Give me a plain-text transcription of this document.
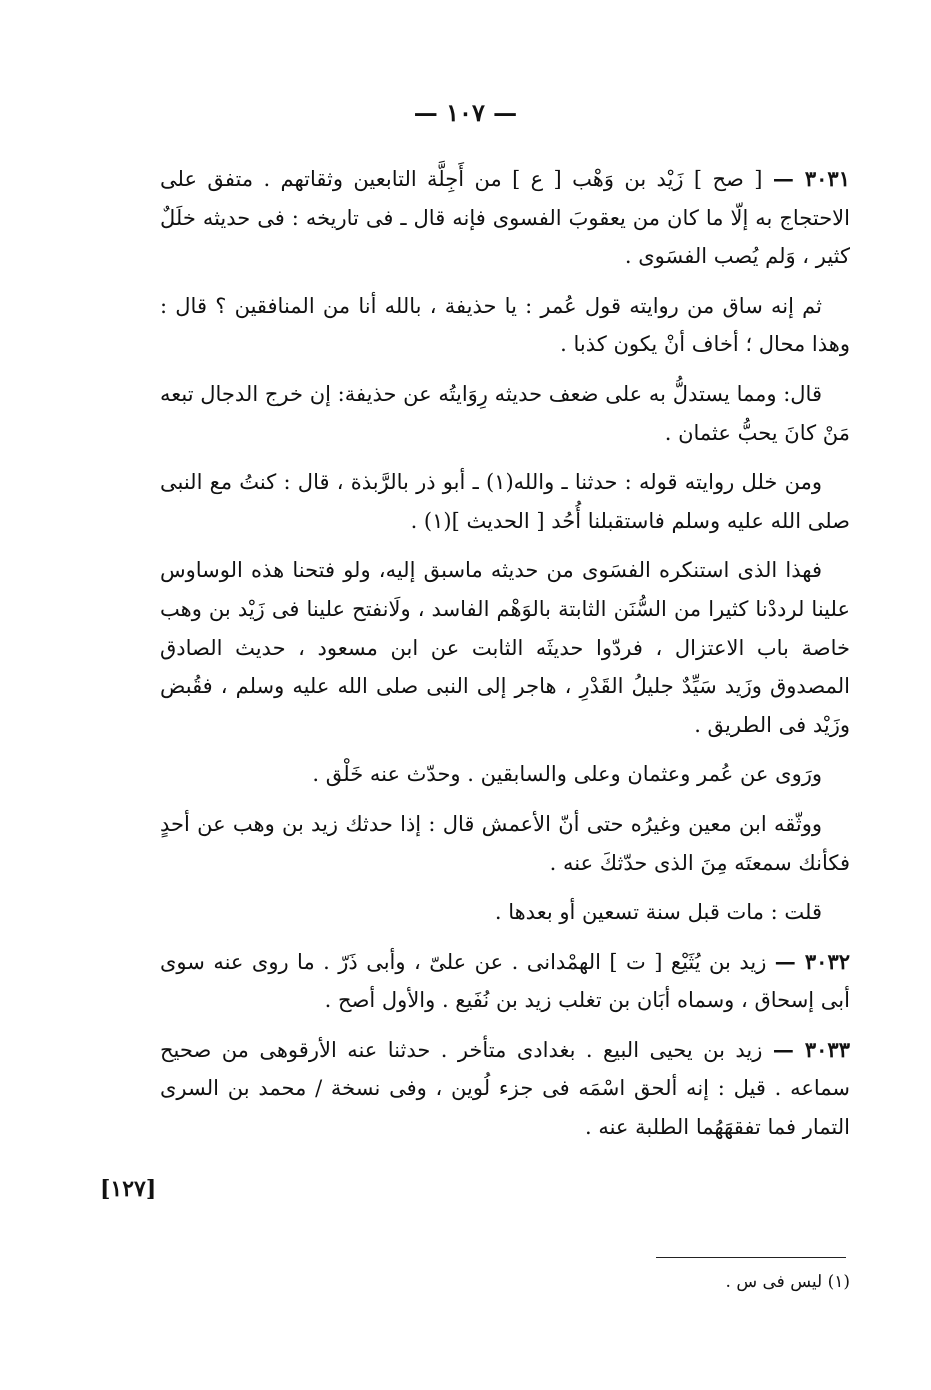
— ١٠٧ —

٣٠٣١ — [ صح ] زَيْد بن وَهْب [ ع ] من أَجِلَّة التابعين وثقاتهم . متفق على الاحتجاج به إلّا ما كان من يعقوبَ الفسوى فإنه قال ـ فى تاريخه : فى حديثه خلَلٌ كثير ، وَلم يُصب الفسَوى .

ثم إنه ساق من روايته قول عُمر : يا حذيفة ، بالله أنا من المنافقين ؟ قال : وهذا محال ؛ أخاف أنْ يكون كذبا .

قال: ومما يستدلُّ به على ضعف حديثه رِوَايتُه عن حذيفة: إن خرج الدجال تبعه مَنْ كانَ يحبُّ عثمان .

ومن خلل روايته قوله : حدثنا ـ والله(١) ـ أبو ذر بالرَّبذة ، قال : كنتُ مع النبى صلى الله عليه وسلم فاستقبلنا أُحُد [ الحديث ](١) .

فهذا الذى استنكره الفسَوى من حديثه ماسبق إليه، ولو فتحنا هذه الوساوس علينا لرددْنا كثيرا من السُّنَن الثابتة بالوَهْم الفاسد ، ولَانفتح علينا فى زَيْد بن وهب خاصة باب الاعتزال ، فردّوا حديثَه الثابت عن ابن مسعود ، حديث الصادق المصدوق وزَيد سَيِّدٌ جليلُ القَدْرِ ، هاجر إلى النبى صلى الله عليه وسلم ، فقُبض وزَيْد فى الطريق .

ورَوى عن عُمر وعثمان وعلى والسابقين . وحدّث عنه خَلْق .

ووثّقه ابن معين وغيرُه حتى أنّ الأعمش قال : إذا حدثك زيد بن وهب عن أحدٍ فكأنك سمعتَه مِنَ الذى حدّثكَ عنه .

قلت : مات قبل سنة تسعين أو بعدها .

٣٠٣٢ — زيد بن يُثَيْع [ ت ] الهمْدانى . عن علىّ ، وأبى ذَرّ . ما روى عنه سوى أبى إسحاق ، وسماه أبَان بن تغلب زيد بن نُفَيع . والأول أصح .

٣٠٣٣ — زيد بن يحيى البيع . بغدادى متأخر . حدثنا عنه الأرقوهى من صحيح سماعه . قيل : إنه ألحق اسْمَه فى جزء لُوين ، وفى نسخة / محمد بن السرى التمار فما تفقهَهُما الطلبة عنه .

[١٢٧]
(١) ليس فى س .
